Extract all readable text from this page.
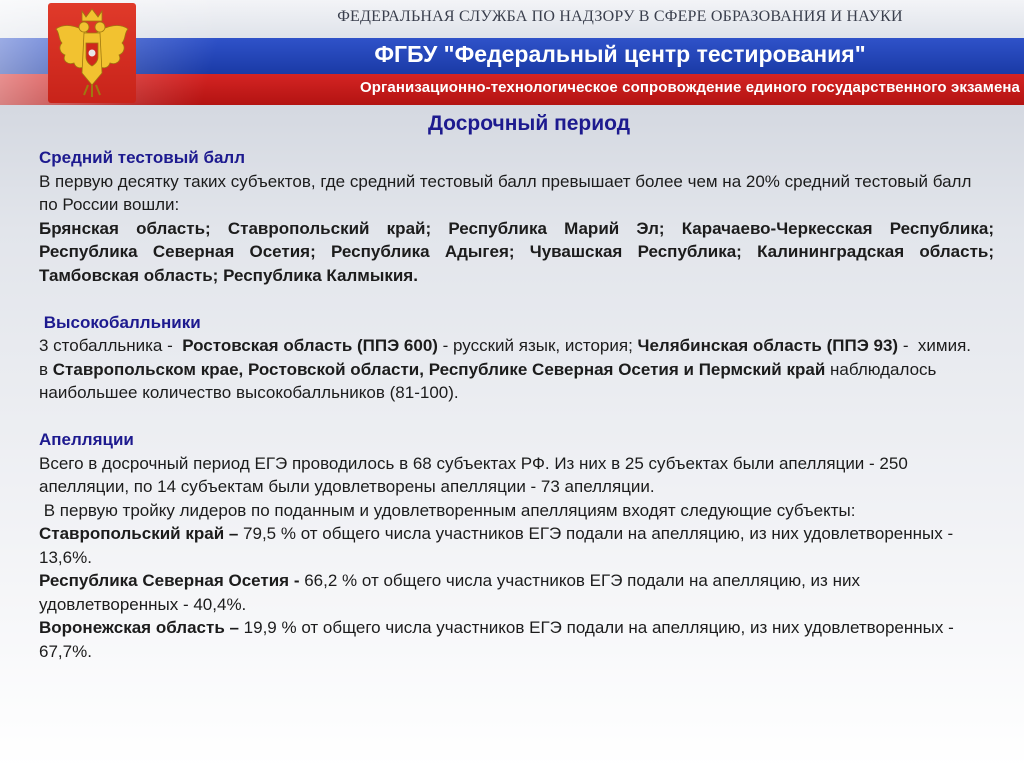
ФЕДЕРАЛЬНАЯ СЛУЖБА ПО НАДЗОРУ В СФЕРЕ ОБРАЗОВАНИЯ И НАУКИ
ФГБУ "Федеральный центр тестирования"
Организационно-технологическое сопровождение единого государственного экзамена
Досрочный период

Средний тестовый балл

В первую десятку таких субъектов, где средний тестовый балл превышает более чем на 20% средний тестовый балл по России вошли:

Брянская область; Ставропольский край; Республика Марий Эл; Карачаево-Черкесская Республика; Республика Северная Осетия; Республика Адыгея; Чувашская Республика; Калининградская область; Тамбовская область; Республика Калмыкия.

Высокобалльники

3 стобалльника -  Ростовская область (ППЭ 600) - русский язык, история; Челябинская область (ППЭ 93) -  химия.

в Ставропольском крае, Ростовской области, Республике Северная Осетия и Пермский край наблюдалось наибольшее количество высокобалльников (81-100).

Апелляции

Всего в досрочный период ЕГЭ проводилось в 68 субъектах РФ. Из них в 25 субъектах были апелляции - 250 апелляции, по 14 субъектам были удовлетворены апелляции - 73 апелляции.

В первую тройку лидеров по поданным и удовлетворенным апелляциям входят следующие субъекты:

Ставропольский край – 79,5 % от общего числа участников ЕГЭ подали на апелляцию, из них удовлетворенных - 13,6%.

Республика Северная Осетия - 66,2 % от общего числа участников ЕГЭ подали на апелляцию, из них удовлетворенных - 40,4%.

Воронежская область – 19,9 % от общего числа участников ЕГЭ подали на апелляцию, из них удовлетворенных - 67,7%.
